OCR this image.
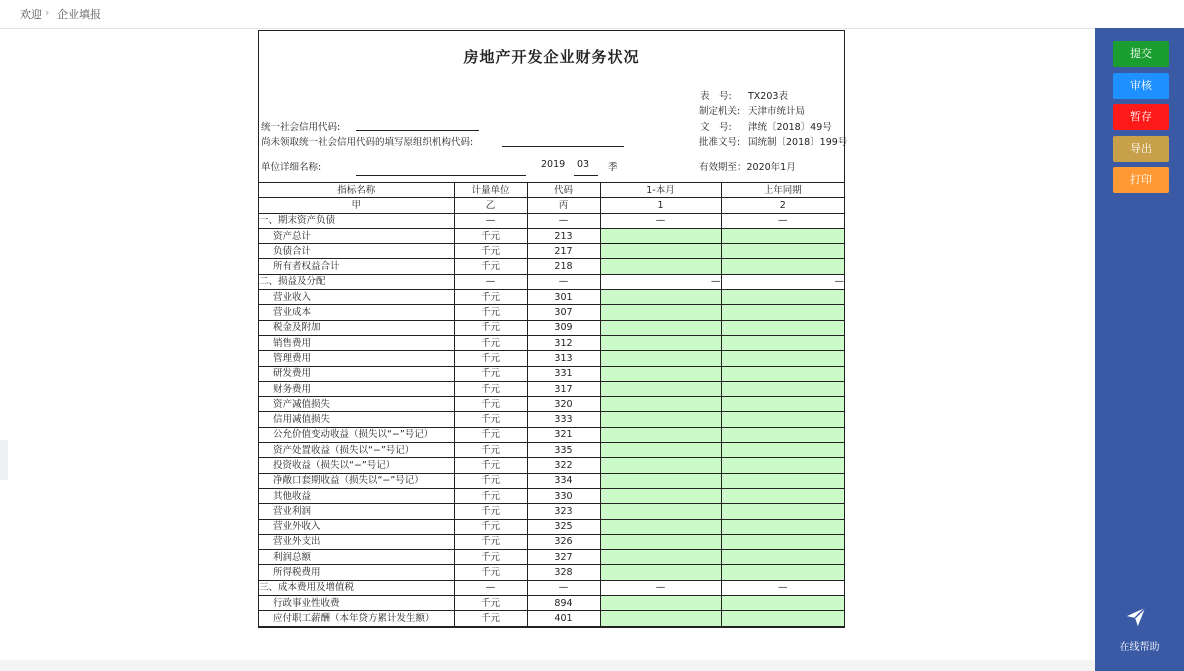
欢迎 › 企业填报
房地产开发企业财务状况
表　号: TX203表
制定机关: 天津市统计局
文　号: 津统〔2018〕49号
批准文号: 国统制〔2018〕199号
统一社会信用代码:
尚未领取统一社会信用代码的填写原组织机构代码:
单位详细名称:	2019 03 季	有效期至：2020年1月
指标名称	计量单位	代码	1-本月	上年同期
甲	乙	丙	1	2
一、期末资产负债	—	—	—	—
资产总计	千元	213		
负债合计	千元	217		
所有者权益合计	千元	218		
二、损益及分配	—	—	—	—
营业收入	千元	301		
营业成本	千元	307		
税金及附加	千元	309		
销售费用	千元	312		
管理费用	千元	313		
研发费用	千元	331		
财务费用	千元	317		
资产减值损失	千元	320		
信用减值损失	千元	333		
公允价值变动收益（损失以“−”号记）	千元	321		
资产处置收益（损失以“−”号记）	千元	335		
投资收益（损失以“−”号记）	千元	322		
净敞口套期收益（损失以“−”号记）	千元	334		
其他收益	千元	330		
营业利润	千元	323		
营业外收入	千元	325		
营业外支出	千元	326		
利润总额	千元	327		
所得税费用	千元	328		
三、成本费用及增值税	—	—	—	—
行政事业性收费	千元	894		
应付职工薪酬（本年贷方累计发生额）	千元	401		
提交
审核
暂存
导出
打印
在线帮助
